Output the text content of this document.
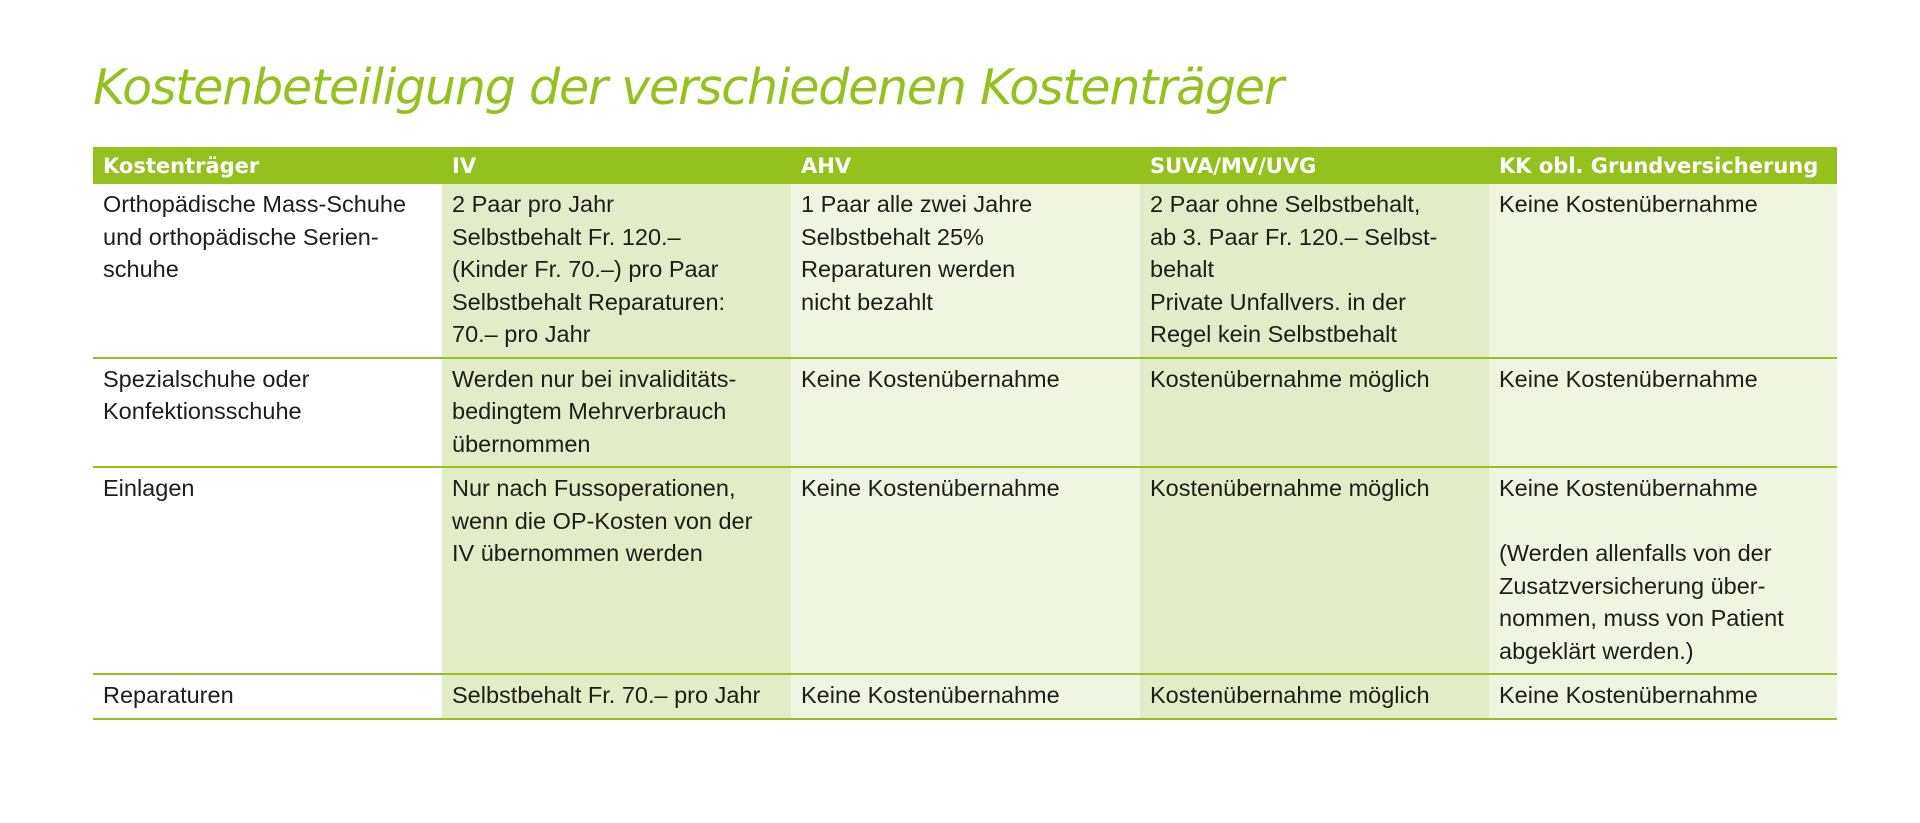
Kostenbeteiligung der verschiedenen Kostenträger
Kostenträger	IV	AHV	SUVA/MV/UVG	KK obl. Grundversicherung

Orthopädische Mass-Schuhe
und orthopädische Serien-
schuhe	2 Paar pro Jahr
Selbstbehalt Fr. 120.–
(Kinder Fr. 70.–) pro Paar
Selbstbehalt Reparaturen:
70.– pro Jahr	1 Paar alle zwei Jahre
Selbstbehalt 25%
Reparaturen werden
nicht bezahlt	2 Paar ohne Selbstbehalt,
ab 3. Paar Fr. 120.– Selbst-
behalt
Private Unfallvers. in der
Regel kein Selbstbehalt	Keine Kostenübernahme

Spezialschuhe oder
Konfektionsschuhe	Werden nur bei invaliditäts-
bedingtem Mehrverbrauch
übernommen	Keine Kostenübernahme	Kostenübernahme möglich	Keine Kostenübernahme

Einlagen	Nur nach Fussoperationen,
wenn die OP-Kosten von der
IV übernommen werden	Keine Kostenübernahme	Kostenübernahme möglich	Keine Kostenübernahme
(Werden allenfalls von der
Zusatzversicherung über-
nommen, muss von Patient
abgeklärt werden.)

Reparaturen	Selbstbehalt Fr. 70.– pro Jahr	Keine Kostenübernahme	Kostenübernahme möglich	Keine Kostenübernahme
